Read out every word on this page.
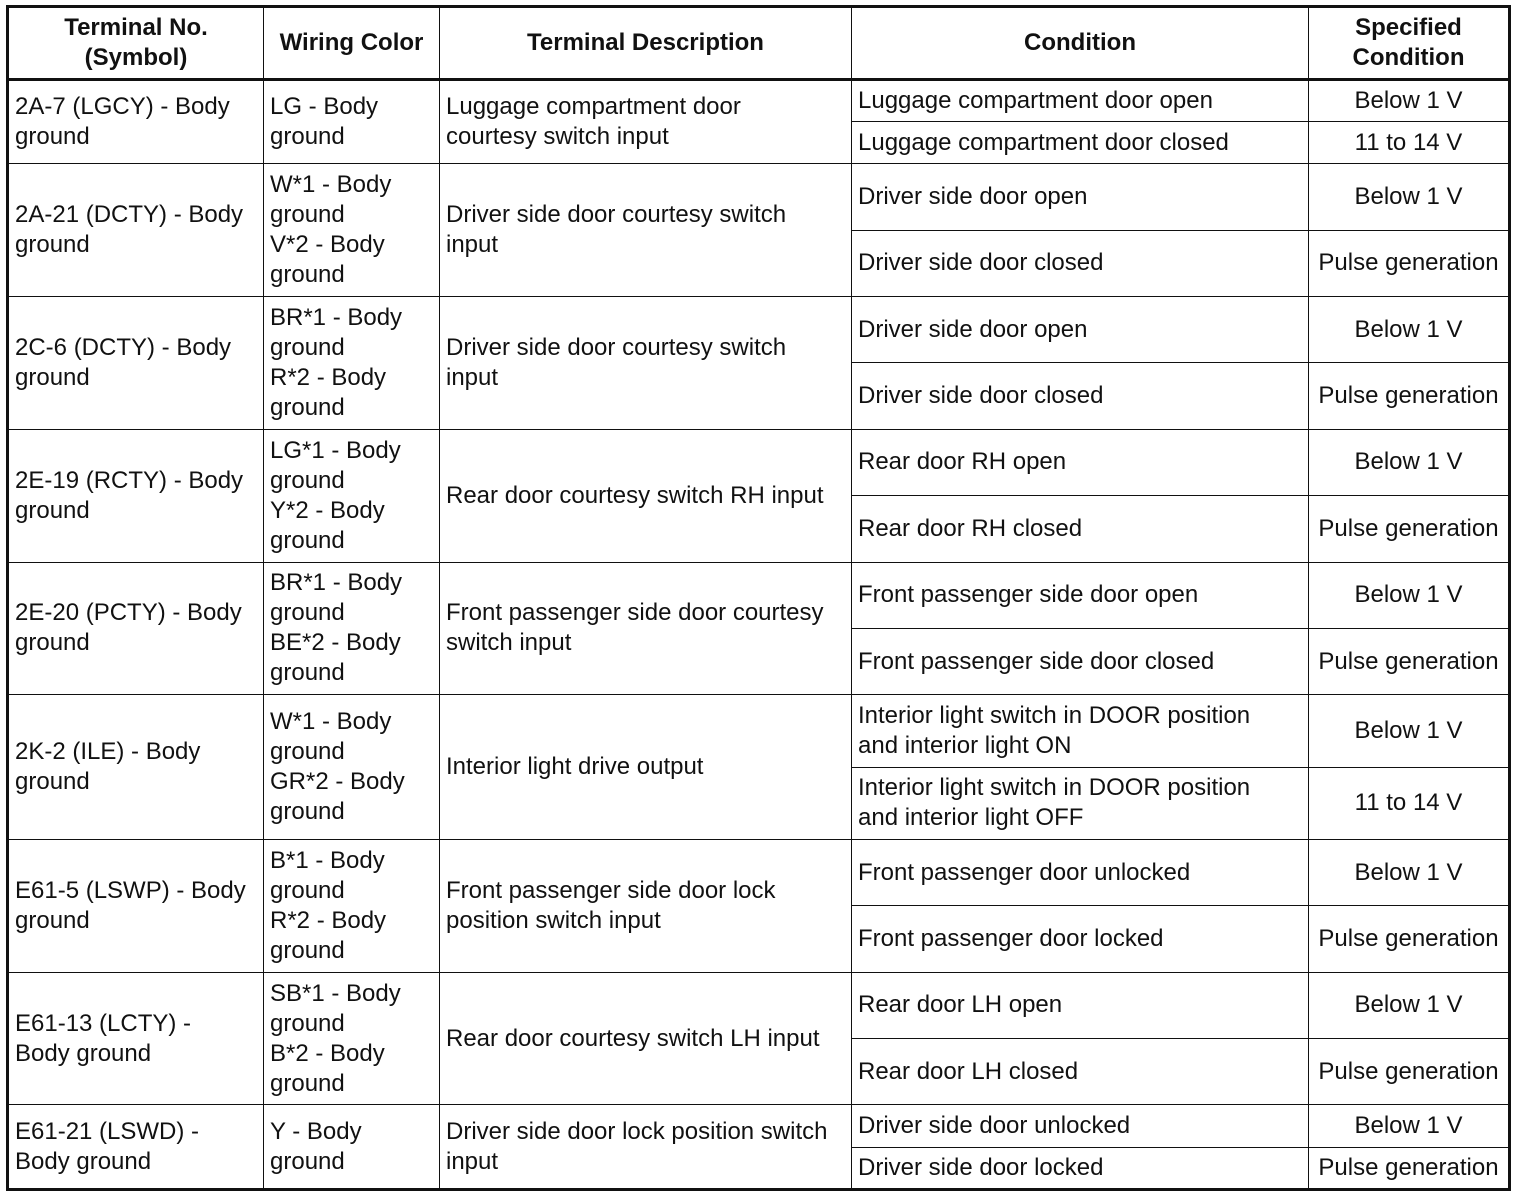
Terminal No.
(Symbol)	Wiring Color	Terminal Description	Condition	Specified
Condition

2A-7 (LGCY) - Body
ground	LG - Body
ground	Luggage compartment door
courtesy switch input	Luggage compartment door open	Below 1 V

			Luggage compartment door closed	11 to 14 V

2A-21 (DCTY) - Body
ground	W*1 - Body
ground
V*2 - Body
ground	Driver side door courtesy switch
input	Driver side door open	Below 1 V

			Driver side door closed	Pulse generation

2C-6 (DCTY) - Body
ground	BR*1 - Body
ground
R*2 - Body
ground	Driver side door courtesy switch
input	Driver side door open	Below 1 V

			Driver side door closed	Pulse generation

2E-19 (RCTY) - Body
ground	LG*1 - Body
ground
Y*2 - Body
ground	Rear door courtesy switch RH input	Rear door RH open	Below 1 V

			Rear door RH closed	Pulse generation

2E-20 (PCTY) - Body
ground	BR*1 - Body
ground
BE*2 - Body
ground	Front passenger side door courtesy
switch input	Front passenger side door open	Below 1 V

			Front passenger side door closed	Pulse generation

2K-2 (ILE) - Body
ground	W*1 - Body
ground
GR*2 - Body
ground	Interior light drive output	Interior light switch in DOOR position
and interior light ON	Below 1 V

			Interior light switch in DOOR position
and interior light OFF	11 to 14 V

E61-5 (LSWP) - Body
ground	B*1 - Body
ground
R*2 - Body
ground	Front passenger side door lock
position switch input	Front passenger door unlocked	Below 1 V

			Front passenger door locked	Pulse generation

E61-13 (LCTY) -
Body ground	SB*1 - Body
ground
B*2 - Body
ground	Rear door courtesy switch LH input	Rear door LH open	Below 1 V

			Rear door LH closed	Pulse generation

E61-21 (LSWD) -
Body ground	Y - Body
ground	Driver side door lock position switch
input	Driver side door unlocked	Below 1 V

			Driver side door locked	Pulse generation
